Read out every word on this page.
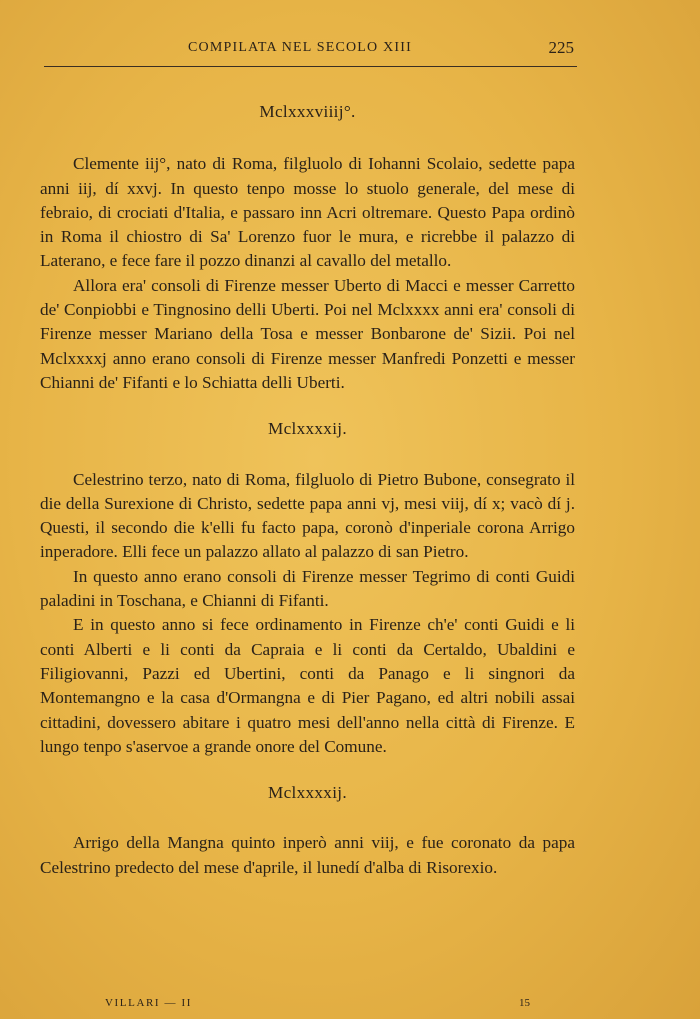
COMPILATA NEL SECOLO XIII	225

Mclxxxviiij°.

Clemente iij°, nato di Roma, filgluolo di Iohanni Scolaio, sedette papa anni iij, dí xxvj. In questo tenpo mosse lo stuolo generale, del mese di febraio, di crociati d'Italia, e passaro inn Acri oltremare. Questo Papa ordinò in Roma il chiostro di Sa' Lorenzo fuor le mura, e ricrebbe il palazzo di Laterano, e fece fare il pozzo dinanzi al cavallo del metallo.

Allora era' consoli di Firenze messer Uberto di Macci e messer Carretto de' Conpiobbi e Tingnosino delli Uberti. Poi nel Mclxxxx anni era' consoli di Firenze messer Mariano della Tosa e messer Bonbarone de' Sizii. Poi nel Mclxxxxj anno erano consoli di Firenze messer Manfredi Ponzetti e messer Chianni de' Fifanti e lo Schiatta delli Uberti.

Mclxxxxij.

Celestrino terzo, nato di Roma, filgluolo di Pietro Bubone, consegrato il die della Surexione di Christo, sedette papa anni vj, mesi viij, dí x; vacò dí j. Questi, il secondo die k'elli fu facto papa, coronò d'inperiale corona Arrigo inperadore. Elli fece un palazzo allato al palazzo di san Pietro.

In questo anno erano consoli di Firenze messer Tegrimo di conti Guidi paladini in Toschana, e Chianni di Fifanti.

E in questo anno si fece ordinamento in Firenze ch'e' conti Guidi e li conti Alberti e li conti da Capraia e li conti da Certaldo, Ubaldini e Filigiovanni, Pazzi ed Ubertini, conti da Panago e li singnori da Montemangno e la casa d'Ormangna e di Pier Pagano, ed altri nobili assai cittadini, dovessero abitare i quatro mesi dell'anno nella città di Firenze. E lungo tenpo s'aservoe a grande onore del Comune.

Mclxxxxij.

Arrigo della Mangna quinto inperò anni viij, e fue coronato da papa Celestrino predecto del mese d'aprile, il lunedí d'alba di Risorexio.

VILLARI — II	15
